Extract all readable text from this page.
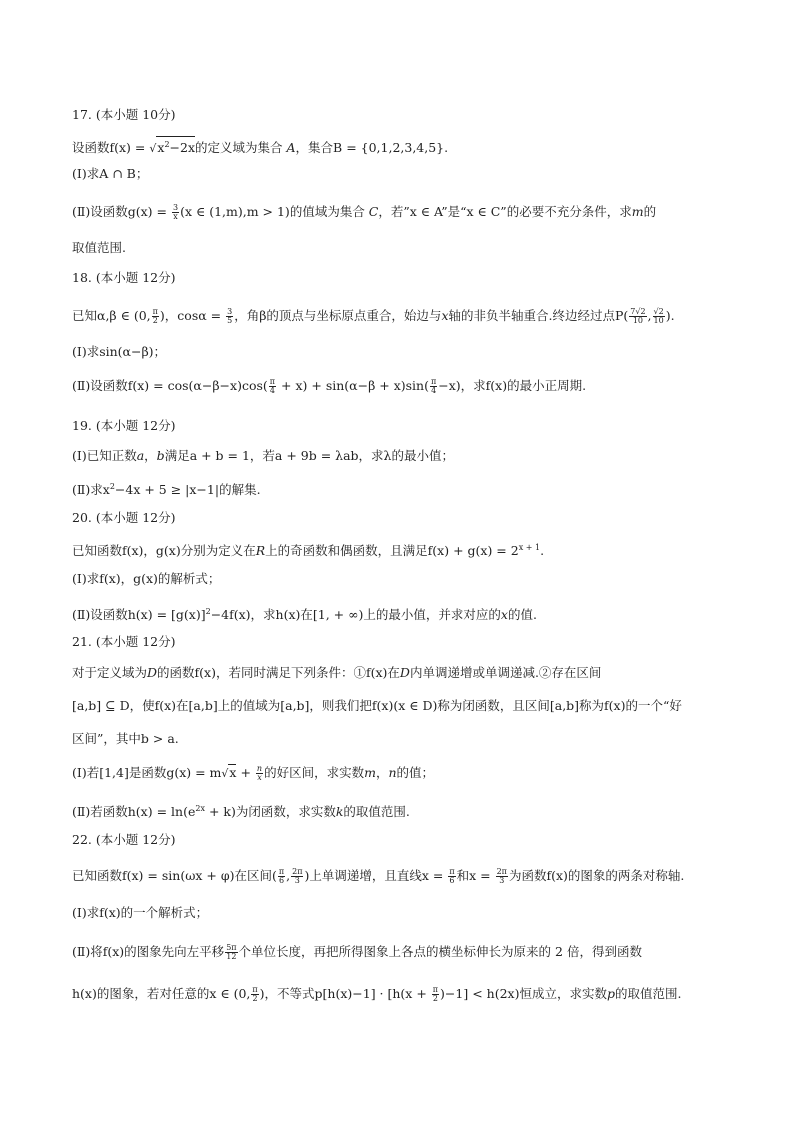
17. (本小题 10分)
设函数$f(x) = √x^2-2x$的定义域为集合 A，集合B = {0,1,2,3,4,5}.
(Ⅰ)求A ∩ B；
(Ⅱ)设函数$g(x) = \frac{3}{x} (x$ ∈ (1,m),m > 1)的值域为集合 C，若”x ∈ A”是“x ∈ C”的必要不充分条件，求m的
取值范围.
18. (本小题 12分)
已知α,β ∈ (0, $\frac{\pi}{2}$ )，$\cos\alpha = \frac{3}{5}$ ，角β的顶点与坐标原点重合，始边与x轴的非负半轴重合.终边经过点$P( \frac{7√2}{10}$ , $\frac{√2}{10}$ ).
(Ⅰ)求sin(α−β)；
(Ⅱ)设函数$f(x) = \cos(\alpha-\beta-x)\cos( \frac{\pi}{4} + x) + \sin(\alpha-\beta + x)\sin( \frac{\pi}{4} -x)$，求f(x)的最小正周期.
19. (本小题 12分)
(Ⅰ)已知正数a，b满足a + b = 1，若a + 9b = λab，求λ的最小值；
(Ⅱ)求$x^2-4x + 5 \ge |x-1|$的解集.
20. (本小题 12分)
已知函数f(x)，g(x)分别为定义在R上的奇函数和偶函数，且满足$f(x) + g(x) = 2^{x + 1}$.
(Ⅰ)求f(x)，g(x)的解析式；
(Ⅱ)设函数$h(x) = [g(x)]^2-4f(x)$，求h(x)在[1, + ∞)上的最小值，并求对应的x的值.
21. (本小题 12分)
对于定义域为D的函数f(x)，若同时满足下列条件：①f(x)在D内单调递增或单调递减.②存在区间
[a,b] ⊆ D，使f(x)在[a,b]上的值域为[a,b]，则我们把f(x)(x ∈ D)称为闭函数，且区间[a,b]称为f(x)的一个“好
区间”，其中b > a.
(Ⅰ)若[1,4]是函数$g(x) = m√x + \frac{n}{x}$ 的好区间，求实数m，n的值；
(Ⅱ)若函数$h(x) = \ln(e^{2x} + k)$为闭函数，求实数k的取值范围.
22. (本小题 12分)
已知函数f(x) = sin(ωx + φ)在区间( $\frac{\pi}{6}$ , $\frac{2\pi}{3}$ )上单调递增，且直线$x = \frac{\pi}{6}$ 和$x = \frac{2\pi}{3}$ 为函数f(x)的图象的两条对称轴.
(Ⅰ)求f(x)的一个解析式；
(Ⅱ)将f(x)的图象先向左平移 $\frac{5\pi}{12}$ 个单位长度，再把所得图象上各点的横坐标伸长为原来的 2 倍，得到函数
h(x)的图象，若对任意的x ∈ (0, $\frac{\pi}{2}$ )，不等式$p[h(x)-1] \cdot [h(x + \frac{\pi}{2} )-1] < h(2x)$恒成立，求实数p的取值范围.
